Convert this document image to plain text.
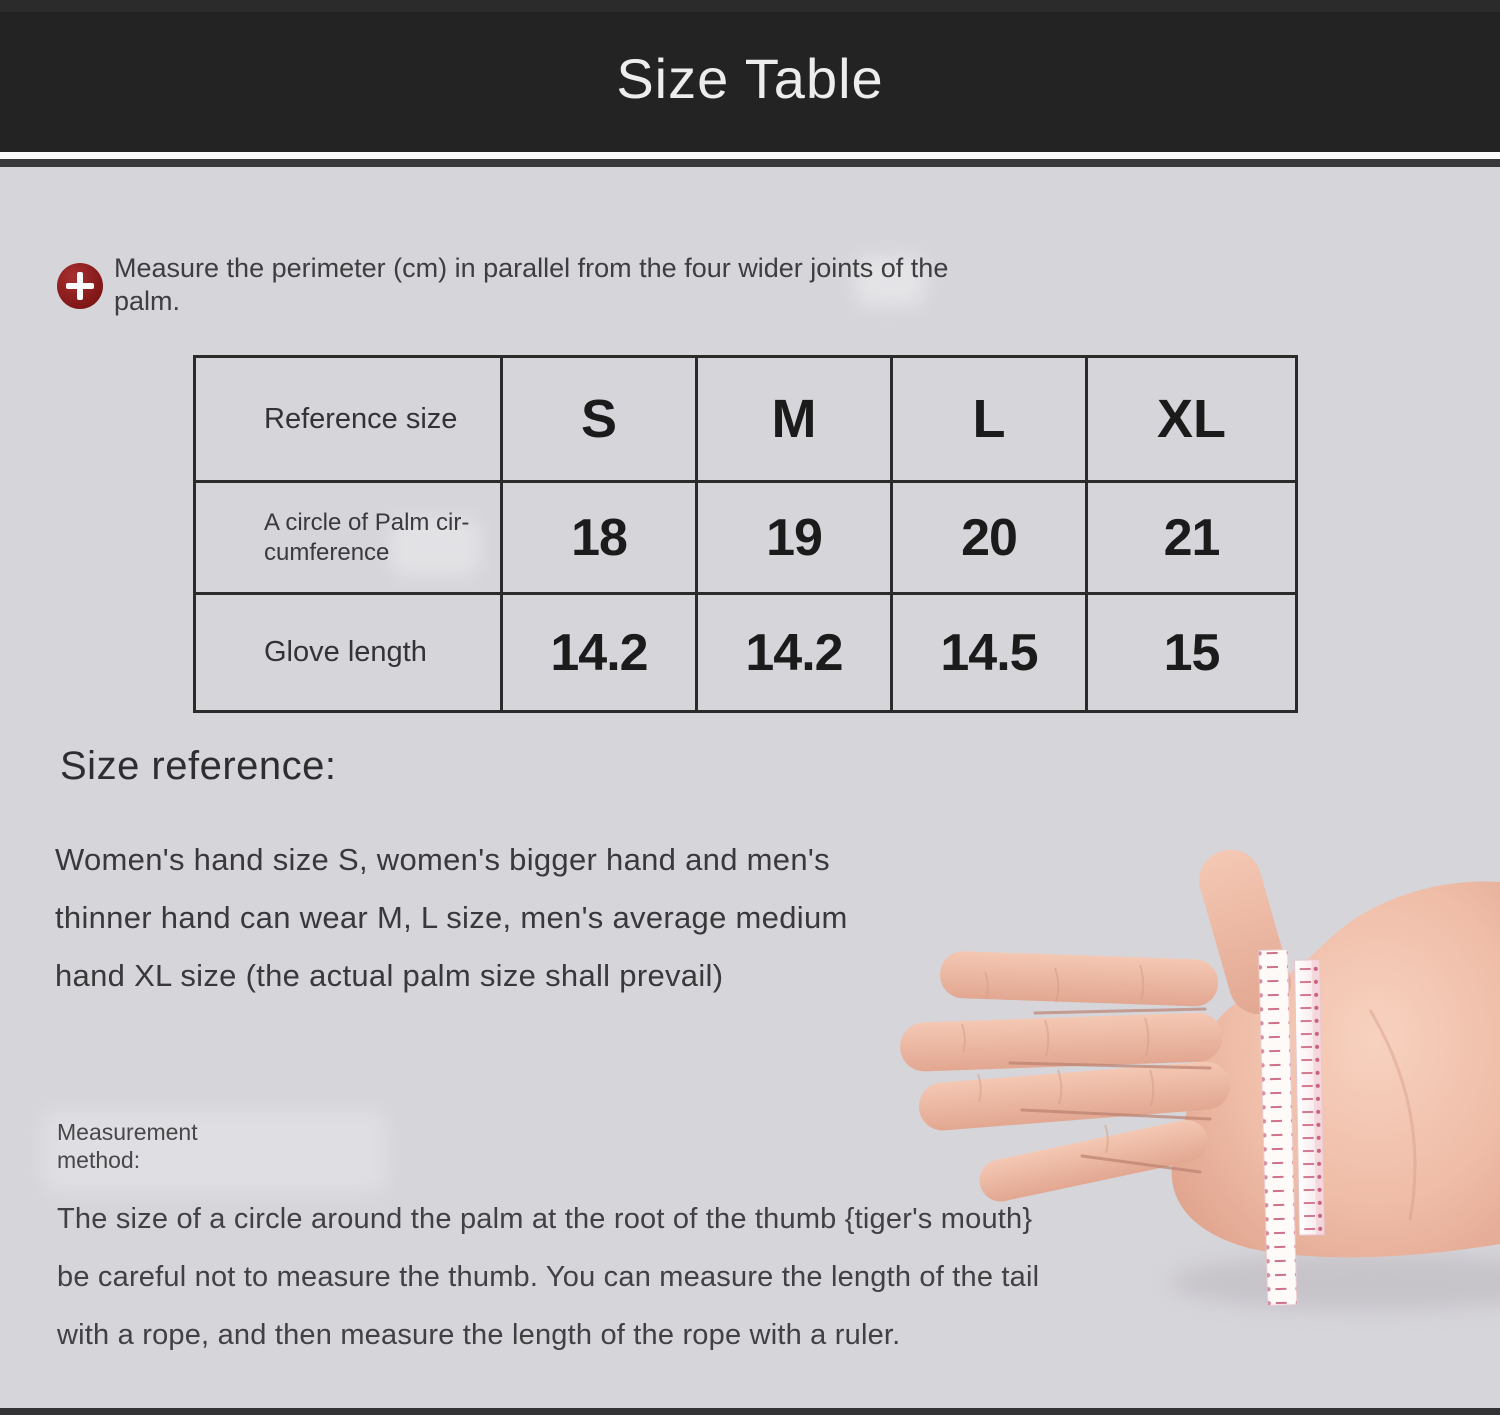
Size Table
Measure the perimeter (cm) in parallel from the four wider joints of the
palm.
Reference size	S	M	L	XL
A circle of Palm cir-
cumference	18	19	20	21
Glove length	14.2	14.2	14.5	15
Size reference:
Women's hand size S, women's bigger hand and men's
thinner hand can wear M, L size, men's average medium
hand XL size (the actual palm size shall prevail)
Measurement
method:
The size of a circle around the palm at the root of the thumb {tiger's mouth}
be careful not to measure the thumb. You can measure the length of the tail
with a rope, and then measure the length of the rope with a ruler.
